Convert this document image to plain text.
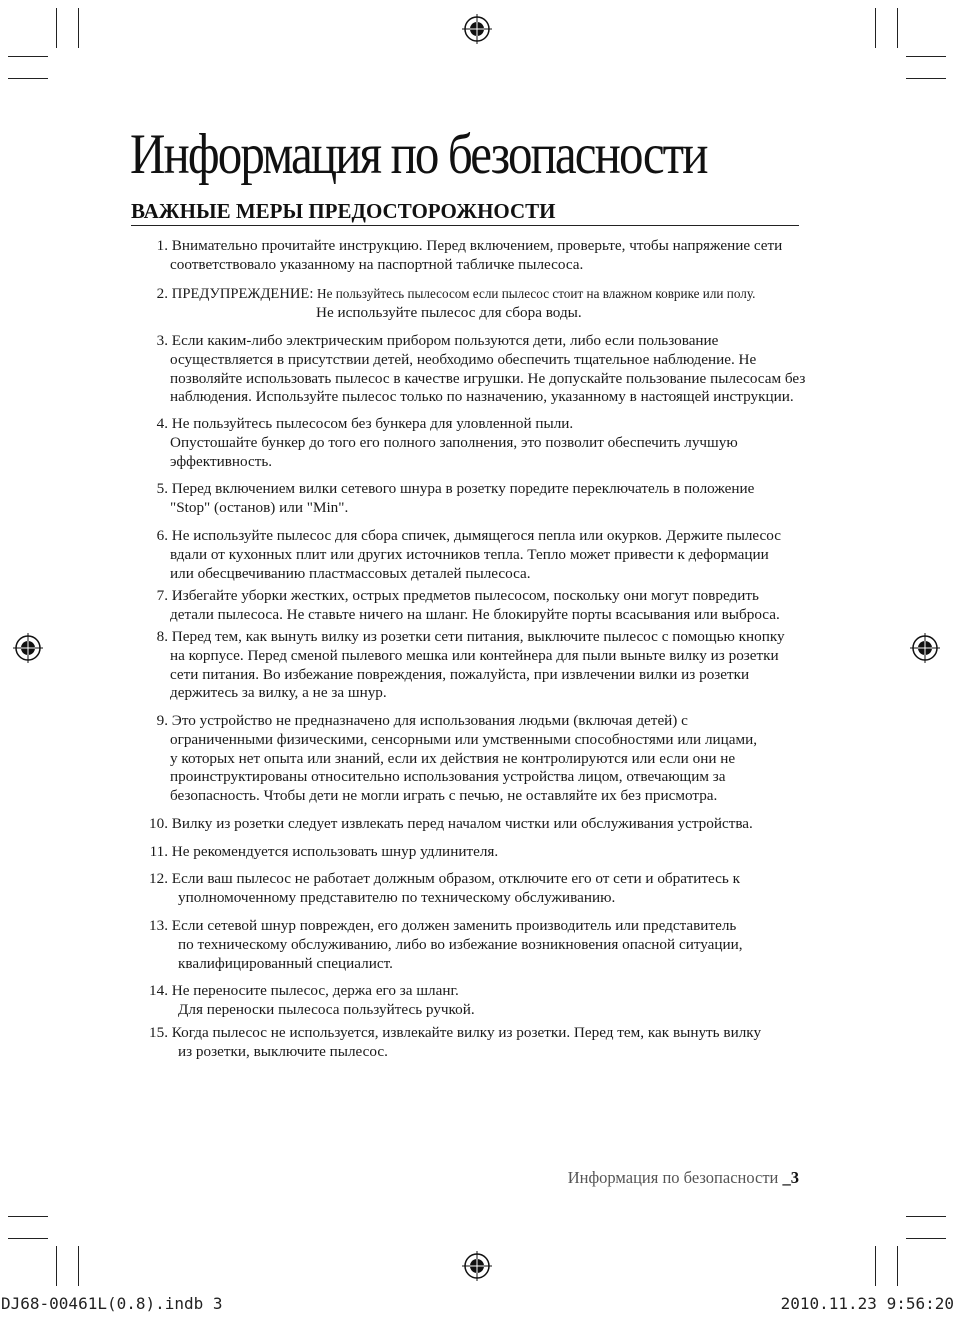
Информация по безопасности
ВАЖНЫЕ МЕРЫ ПРЕДОСТОРОЖНОСТИ
1. Внимательно прочитайте инструкцию. Перед включением, проверьте, чтобы напряжение сети
соответствовало указанному на паспортной табличке пылесоса.
2. ПРЕДУПРЕЖДЕНИЕ: Не пользуйтесь пылесосом если пылесос стоит на влажном коврике или полу.
Не используйте пылесос для сбора воды.
3. Если каким-либо электрическим прибором пользуются дети, либо если пользование
осуществляется в присутствии детей, необходимо обеспечить тщательное наблюдение. Не
позволяйте использовать пылесос в качестве игрушки. Не допускайте пользование пылесосам без
наблюдения. Используйте пылесос только по назначению, указанному в настоящей инструкции.
4. Не пользуйтесь пылесосом без бункера для уловленной пыли.
Опустошайте бункер до того его полного заполнения, это позволит обеспечить лучшую
эффективность.
5. Перед включением вилки сетевого шнура в розетку поредите переключатель в положение
"Stop" (останов) или "Min".
6. Не используйте пылесос для сбора спичек, дымящегося пепла или окурков. Держите пылесос
вдали от кухонных плит или других источников тепла. Тепло может привести к деформации
или обесцвечиванию пластмассовых деталей пылесоса.
7. Избегайте уборки жестких, острых предметов пылесосом, поскольку они могут повредить
детали пылесоса. Не ставьте ничего на шланг. Не блокируйте порты всасывания или выброса.
8. Перед тем, как вынуть вилку из розетки сети питания, выключите пылесос с помощью кнопку
на корпусе. Перед сменой пылевого мешка или контейнера для пыли выньте вилку из розетки
сети питания. Во избежание повреждения, пожалуйста, при извлечении вилки из розетки
держитесь за вилку, а не за шнур.
9. Это устройство не предназначено для использования людьми (включая детей) с
ограниченными физическими, сенсорными или умственными способностями или лицами,
у которых нет опыта или знаний, если их действия не контролируются или если они не
проинструктированы относительно использования устройства лицом, отвечающим за
безопасность. Чтобы дети не могли играть с печью, не оставляйте их без присмотра.
10. Вилку из розетки следует извлекать перед началом чистки или обслуживания устройства.
11. Не рекомендуется использовать шнур удлинителя.
12. Если ваш пылесос не работает должным образом, отключите его от сети и обратитесь к
уполномоченному представителю по техническому обслуживанию.
13. Если сетевой шнур поврежден, его должен заменить производитель или представитель
по техническому обслуживанию, либо во избежание возникновения опасной ситуации,
квалифицированный специалист.
14. Не переносите пылесос, держа его за шланг.
Для переноски пылесоса пользуйтесь ручкой.
15. Когда пылесос не используется, извлекайте вилку из розетки. Перед тем, как вынуть вилку
из розетки, выключите пылесос.
Информация по безопасности _3
DJ68-00461L(0.8).indb 3	2010.11.23 9:56:20
